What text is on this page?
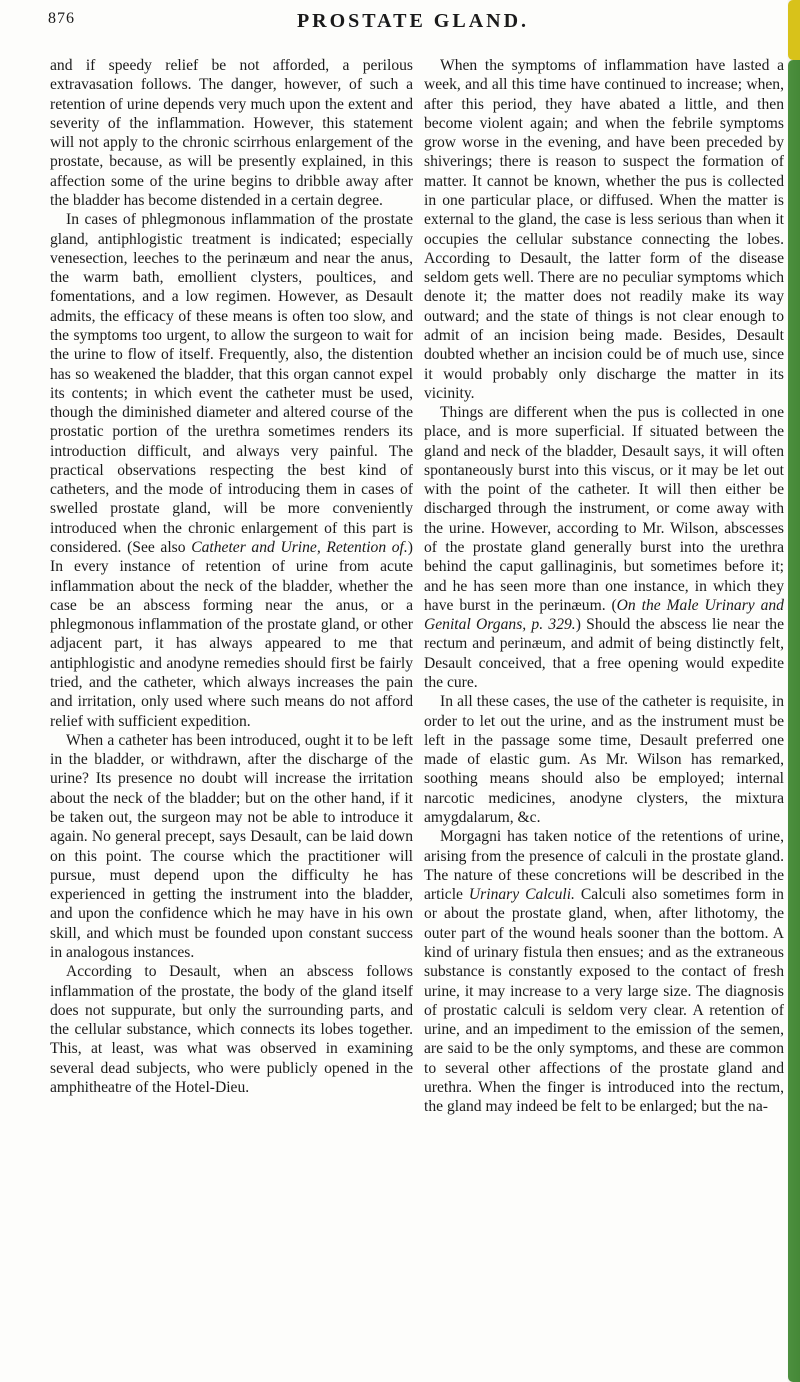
876	PROSTATE GLAND.

and if speedy relief be not afforded, a perilous extravasation follows. The danger, however, of such a retention of urine depends very much upon the extent and severity of the inflammation. However, this statement will not apply to the chronic scirrhous enlargement of the prostate, because, as will be presently explained, in this affection some of the urine begins to dribble away after the bladder has become distended in a certain degree.

In cases of phlegmonous inflammation of the prostate gland, antiphlogistic treatment is indicated; especially venesection, leeches to the perinæum and near the anus, the warm bath, emollient clysters, poultices, and fomentations, and a low regimen. However, as Desault admits, the efficacy of these means is often too slow, and the symptoms too urgent, to allow the surgeon to wait for the urine to flow of itself. Frequently, also, the distention has so weakened the bladder, that this organ cannot expel its contents; in which event the catheter must be used, though the diminished diameter and altered course of the prostatic portion of the urethra sometimes renders its introduction difficult, and always very painful. The practical observations respecting the best kind of catheters, and the mode of introducing them in cases of swelled prostate gland, will be more conveniently introduced when the chronic enlargement of this part is considered. (See also Catheter and Urine, Retention of.) In every instance of retention of urine from acute inflammation about the neck of the bladder, whether the case be an abscess forming near the anus, or a phlegmonous inflammation of the prostate gland, or other adjacent part, it has always appeared to me that antiphlogistic and anodyne remedies should first be fairly tried, and the catheter, which always increases the pain and irritation, only used where such means do not afford relief with sufficient expedition.

When a catheter has been introduced, ought it to be left in the bladder, or withdrawn, after the discharge of the urine? Its presence no doubt will increase the irritation about the neck of the bladder; but on the other hand, if it be taken out, the surgeon may not be able to introduce it again. No general precept, says Desault, can be laid down on this point. The course which the practitioner will pursue, must depend upon the difficulty he has experienced in getting the instrument into the bladder, and upon the confidence which he may have in his own skill, and which must be founded upon constant success in analogous instances.

According to Desault, when an abscess follows inflammation of the prostate, the body of the gland itself does not suppurate, but only the surrounding parts, and the cellular substance, which connects its lobes together. This, at least, was what was observed in examining several dead subjects, who were publicly opened in the amphitheatre of the Hotel-Dieu.

When the symptoms of inflammation have lasted a week, and all this time have continued to increase; when, after this period, they have abated a little, and then become violent again; and when the febrile symptoms grow worse in the evening, and have been preceded by shiverings; there is reason to suspect the formation of matter. It cannot be known, whether the pus is collected in one particular place, or diffused. When the matter is external to the gland, the case is less serious than when it occupies the cellular substance connecting the lobes. According to Desault, the latter form of the disease seldom gets well. There are no peculiar symptoms which denote it; the matter does not readily make its way outward; and the state of things is not clear enough to admit of an incision being made. Besides, Desault doubted whether an incision could be of much use, since it would probably only discharge the matter in its vicinity.

Things are different when the pus is collected in one place, and is more superficial. If situated between the gland and neck of the bladder, Desault says, it will often spontaneously burst into this viscus, or it may be let out with the point of the catheter. It will then either be discharged through the instrument, or come away with the urine. However, according to Mr. Wilson, abscesses of the prostate gland generally burst into the urethra behind the caput gallinaginis, but sometimes before it; and he has seen more than one instance, in which they have burst in the perinæum. (On the Male Urinary and Genital Organs, p. 329.) Should the abscess lie near the rectum and perinæum, and admit of being distinctly felt, Desault conceived, that a free opening would expedite the cure.

In all these cases, the use of the catheter is requisite, in order to let out the urine, and as the instrument must be left in the passage some time, Desault preferred one made of elastic gum. As Mr. Wilson has remarked, soothing means should also be employed; internal narcotic medicines, anodyne clysters, the mixtura amygdalarum, &c.

Morgagni has taken notice of the retentions of urine, arising from the presence of calculi in the prostate gland. The nature of these concretions will be described in the article Urinary Calculi. Calculi also sometimes form in or about the prostate gland, when, after lithotomy, the outer part of the wound heals sooner than the bottom. A kind of urinary fistula then ensues; and as the extraneous substance is constantly exposed to the contact of fresh urine, it may increase to a very large size. The diagnosis of prostatic calculi is seldom very clear. A retention of urine, and an impediment to the emission of the semen, are said to be the only symptoms, and these are common to several other affections of the prostate gland and urethra. When the finger is introduced into the rectum, the gland may indeed be felt to be enlarged; but the na-
